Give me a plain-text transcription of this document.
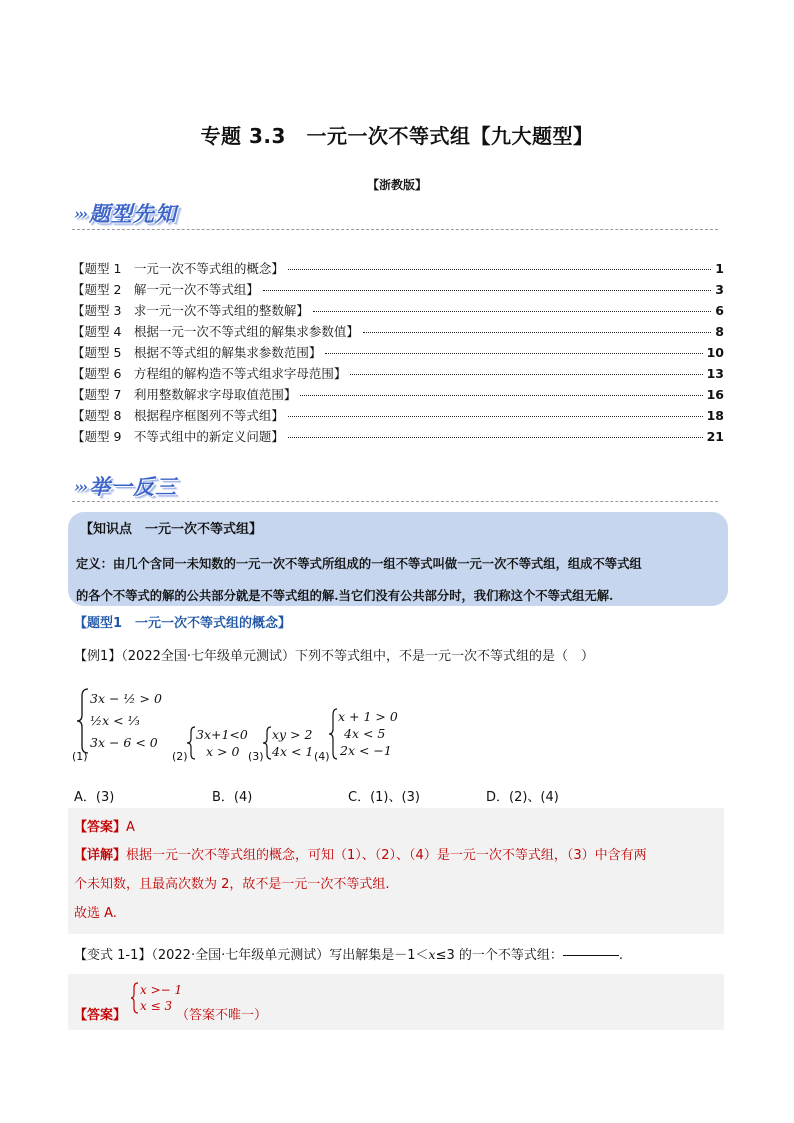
专题 3.3　一元一次不等式组【九大题型】
【浙教版】
››› 题型先知
【题型 1　一元一次不等式组的概念】	1
【题型 2　解一元一次不等式组】	3
【题型 3　求一元一次不等式组的整数解】	6
【题型 4　根据一元一次不等式组的解集求参数值】	8
【题型 5　根据不等式组的解集求参数范围】	10
【题型 6　方程组的解构造不等式组求字母范围】	13
【题型 7　利用整数解求字母取值范围】	16
【题型 8　根据程序框图列不等式组】	18
【题型 9　不等式组中的新定义问题】	21
››› 举一反三
【知识点　一元一次不等式组】
定义：由几个含同一未知数的一元一次不等式所组成的一组不等式叫做一元一次不等式组，组成不等式组
的各个不等式的解的公共部分就是不等式组的解.当它们没有公共部分时，我们称这个不等式组无解.
【题型1　一元一次不等式组的概念】
【例1】（2022全国·七年级单元测试）下列不等式组中，不是一元一次不等式组的是（　）
(1)
3x − ½ > 0
½x < ⅓
3x − 6 < 0
(2)
3x+1<0
x > 0 (3)
xy > 2
4x < 1 (4)
x + 1 > 0
4x < 5
2x < −1
A．(3)	B．(4)	C．(1)、(3)	D．(2)、(4)
【答案】A
【详解】根据一元一次不等式组的概念，可知（1）、（2）、（4）是一元一次不等式组，（3）中含有两
个未知数，且最高次数为 2，故不是一元一次不等式组.
故选 A.
【变式 1-1】（2022·全国·七年级单元测试）写出解集是－1＜x≤3 的一个不等式组：	.
【答案】
x >− 1
x ≤ 3
（答案不唯一）
